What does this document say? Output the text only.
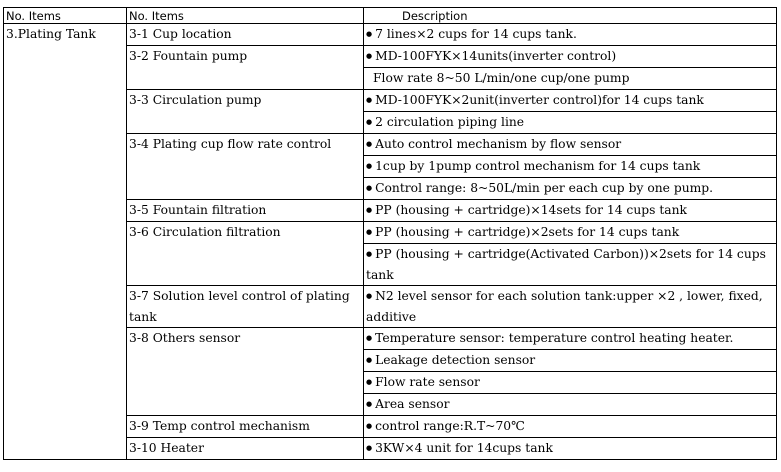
No. Items	No. Items	Description
3.Plating Tank	3-1 Cup location	● 7 lines×2 cups for 14 cups tank.
	3-2 Fountain pump	● MD-100FYK×14units(inverter control)
		Flow rate 8~50 L/min/one cup/one pump
	3-3 Circulation pump	● MD-100FYK×2unit(inverter control)for 14 cups tank
		● 2 circulation piping line
	3-4 Plating cup flow rate control	● Auto control mechanism by flow sensor
		● 1cup by 1pump control mechanism for 14 cups tank
		● Control range: 8~50L/min per each cup by one pump.
	3-5 Fountain filtration	● PP (housing + cartridge)×14sets for 14 cups tank
	3-6 Circulation filtration	● PP (housing + cartridge)×2sets for 14 cups tank
		● PP (housing + cartridge(Activated Carbon))×2sets for 14 cups tank
	3-7 Solution level control of plating tank	● N2 level sensor for each solution tank:upper ×2 , lower, fixed, additive
	3-8 Others sensor	● Temperature sensor: temperature control heating heater.
		● Leakage detection sensor
		● Flow rate sensor
		● Area sensor
	3-9 Temp control mechanism	● control range:R.T~70℃
	3-10 Heater	● 3KW×4 unit for 14cups tank
